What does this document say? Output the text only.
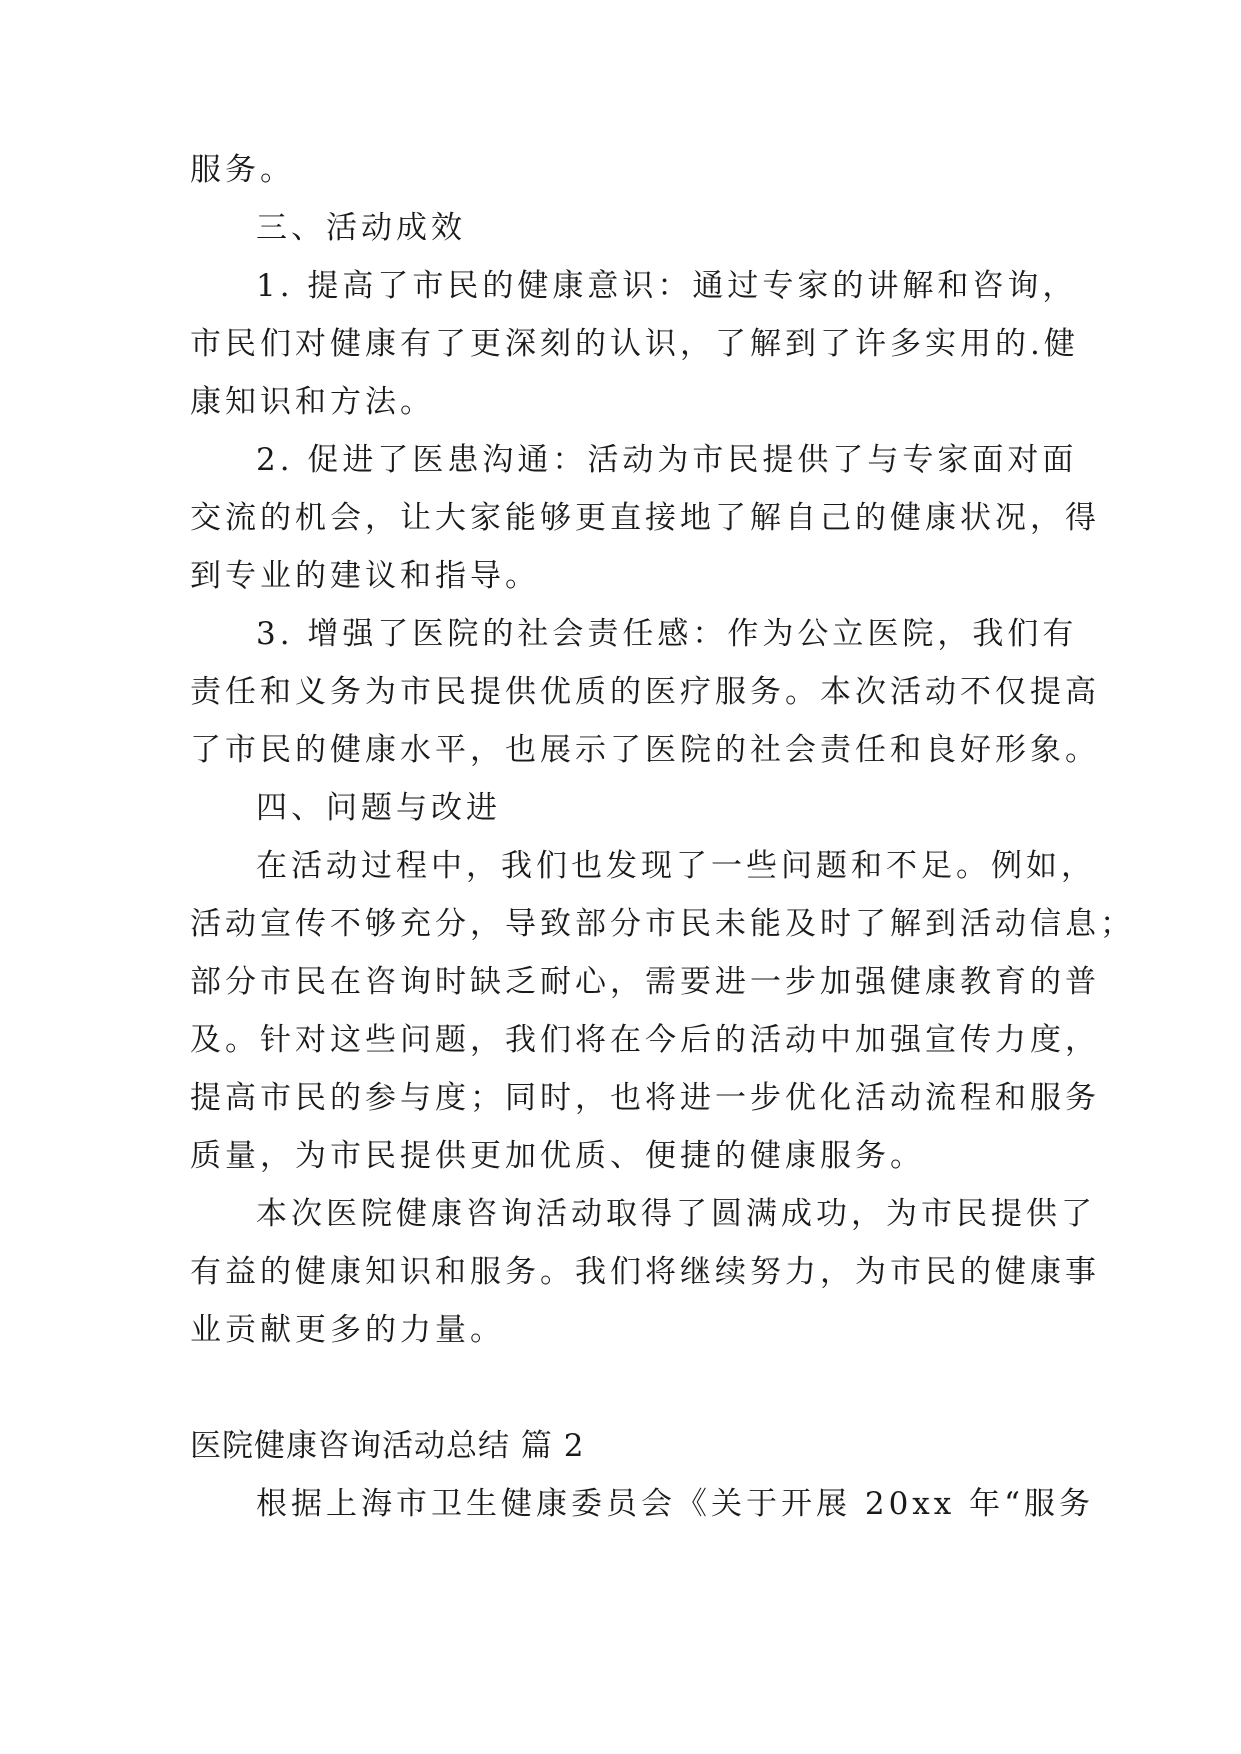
服务。
三、活动成效
1. 提高了市民的健康意识：通过专家的讲解和咨询，
市民们对健康有了更深刻的认识，了解到了许多实用的.健
康知识和方法。
2. 促进了医患沟通：活动为市民提供了与专家面对面
交流的机会，让大家能够更直接地了解自己的健康状况，得
到专业的建议和指导。
3. 增强了医院的社会责任感：作为公立医院，我们有
责任和义务为市民提供优质的医疗服务。本次活动不仅提高
了市民的健康水平，也展示了医院的社会责任和良好形象。
四、问题与改进
在活动过程中，我们也发现了一些问题和不足。例如，
活动宣传不够充分，导致部分市民未能及时了解到活动信息；
部分市民在咨询时缺乏耐心，需要进一步加强健康教育的普
及。针对这些问题，我们将在今后的活动中加强宣传力度，
提高市民的参与度；同时，也将进一步优化活动流程和服务
质量，为市民提供更加优质、便捷的健康服务。
本次医院健康咨询活动取得了圆满成功，为市民提供了
有益的健康知识和服务。我们将继续努力，为市民的健康事
业贡献更多的力量。
医院健康咨询活动总结 篇 2
根据上海市卫生健康委员会《关于开展 20xx 年“服务
